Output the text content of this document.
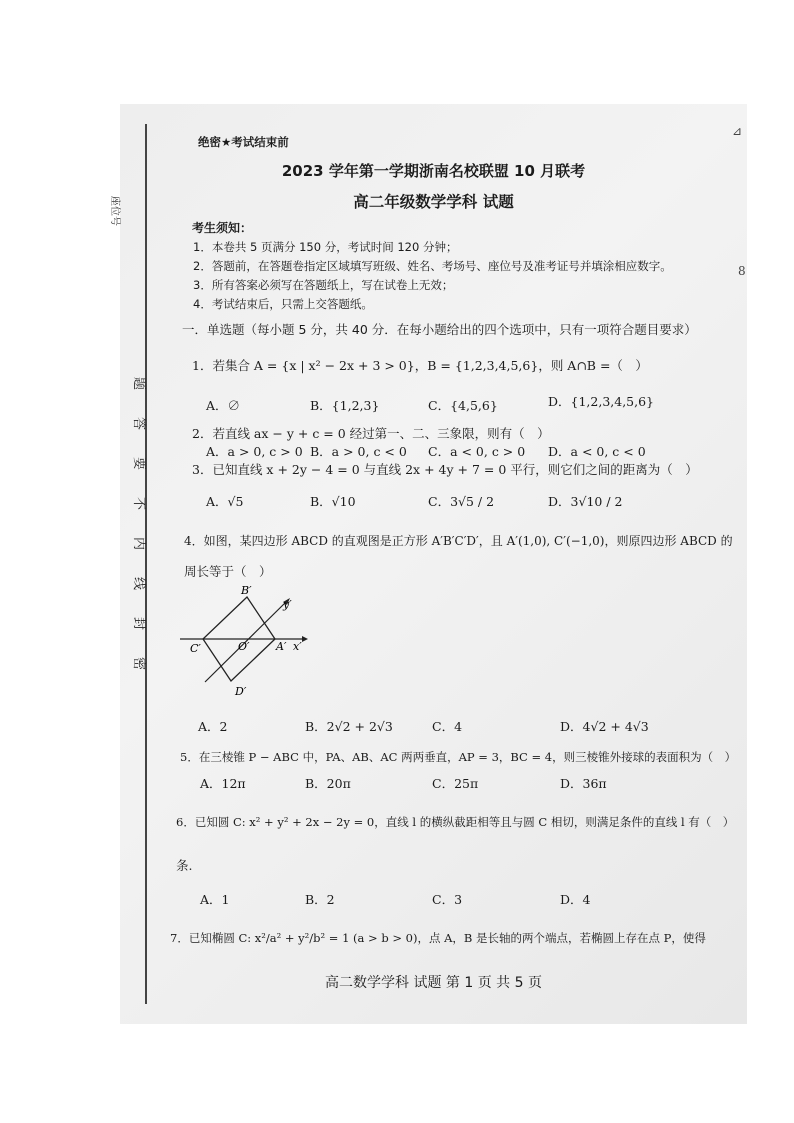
座位号
题
答
要
不
内
线
封
密
绝密★考试结束前
2023 学年第一学期浙南名校联盟 10 月联考
高二年级数学学科 试题
考生须知：
1．本卷共 5 页满分 150 分，考试时间 120 分钟；
2．答题前，在答题卷指定区域填写班级、姓名、考场号、座位号及准考证号并填涂相应数字。
3．所有答案必须写在答题纸上，写在试卷上无效；
4．考试结束后，只需上交答题纸。
一．单选题（每小题 5 分，共 40 分．在每小题给出的四个选项中，只有一项符合题目要求）
1．若集合 A = {x | x² − 2x + 3 > 0}，B = {1,2,3,4,5,6}，则 A∩B =（　）
A．∅	B．{1,2,3}	C．{4,5,6}	D．{1,2,3,4,5,6}
2．若直线 ax − y + c = 0 经过第一、二、三象限，则有（　）
A．a > 0, c > 0 B．a > 0, c < 0 C．a < 0, c > 0 D．a < 0, c < 0
3．已知直线 x + 2y − 4 = 0 与直线 2x + 4y + 7 = 0 平行，则它们之间的距离为（　）
A．√5	B．√10	C．3√5 / 2	D．3√10 / 2
4．如图，某四边形 ABCD 的直观图是正方形 A′B′C′D′，且 A′(1,0), C′(−1,0)，则原四边形 ABCD 的
周长等于（　）
B′
y′
C′	O′ A′ x′
D′
A．2	B．2√2 + 2√3	C．4	D．4√2 + 4√3
5．在三棱锥 P − ABC 中，PA、AB、AC 两两垂直，AP = 3，BC = 4，则三棱锥外接球的表面积为（　）
A．12π	B．20π	C．25π	D．36π
6．已知圆 C: x² + y² + 2x − 2y = 0，直线 l 的横纵截距相等且与圆 C 相切，则满足条件的直线 l 有（　）
条.
A．1	B．2	C．3	D．4
7．已知椭圆 C: x²/a² + y²/b² = 1 (a > b > 0)，点 A，B 是长轴的两个端点，若椭圆上存在点 P，使得
高二数学学科 试题 第 1 页 共 5 页
⊿
8
